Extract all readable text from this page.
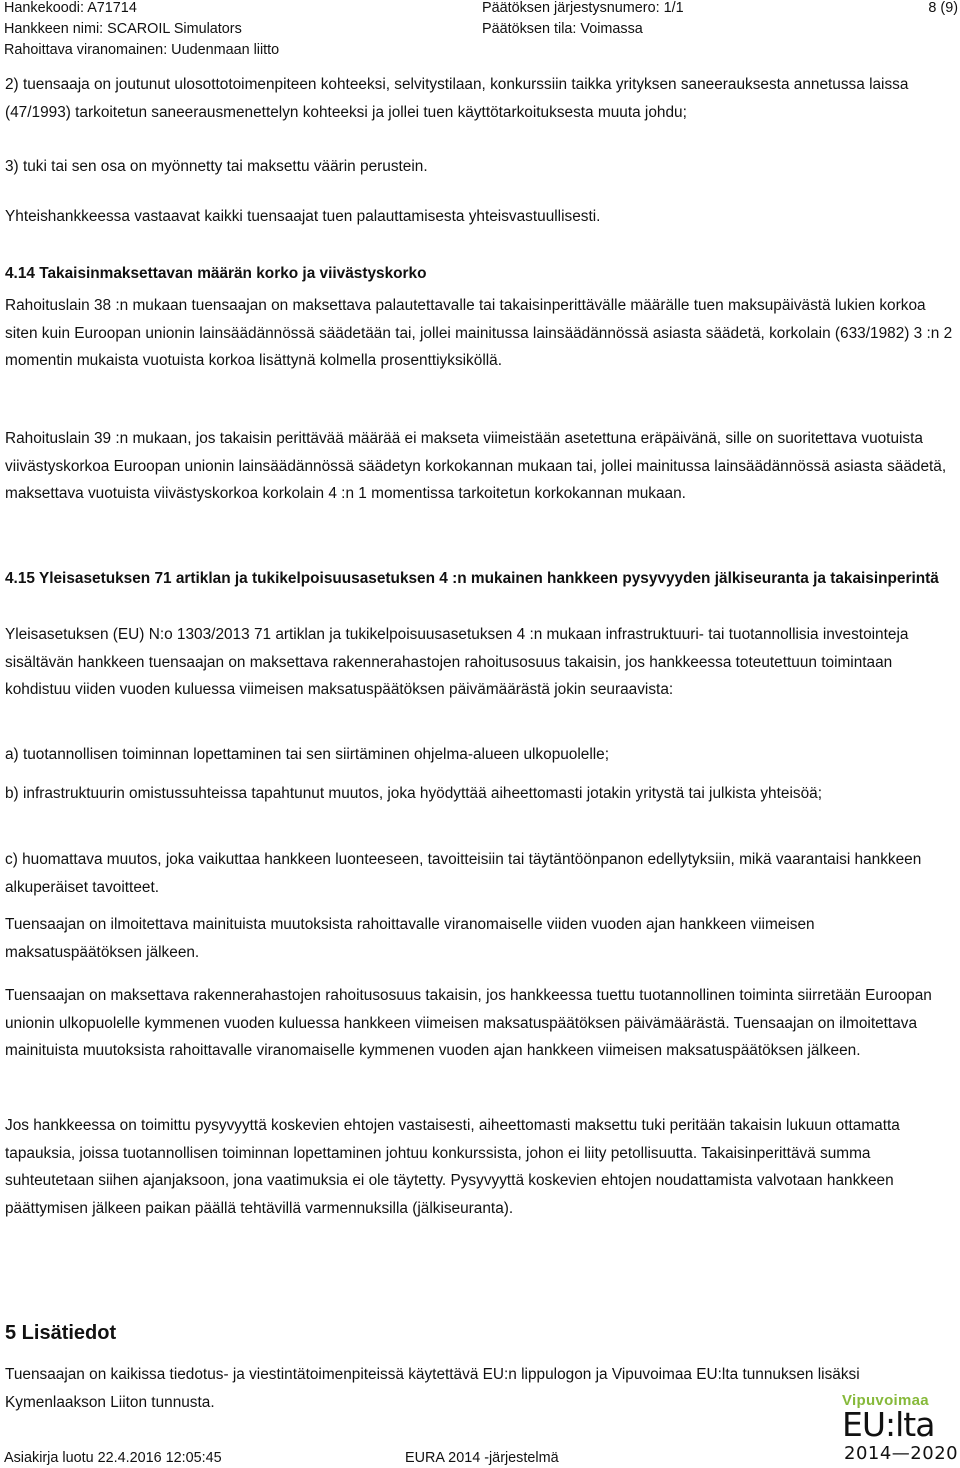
Hankekoodi: A71714
Hankkeen nimi: SCAROIL Simulators
Rahoittava viranomainen: Uudenmaan liitto
Päätöksen järjestysnumero: 1/1
Päätöksen tila: Voimassa
8 (9)
2) tuensaaja on joutunut ulosottotoimenpiteen kohteeksi, selvitystilaan, konkurssiin taikka yrityksen saneerauksesta annetussa laissa (47/1993) tarkoitetun saneerausmenettelyn kohteeksi ja jollei tuen käyttötarkoituksesta muuta johdu;
3) tuki tai sen osa on myönnetty tai maksettu väärin perustein.
Yhteishankkeessa vastaavat kaikki tuensaajat tuen palauttamisesta yhteisvastuullisesti.
4.14 Takaisinmaksettavan määrän korko ja viivästyskorko
Rahoituslain 38 :n mukaan tuensaajan on maksettava palautettavalle tai takaisinperittävälle määrälle tuen maksupäivästä lukien korkoa siten kuin Euroopan unionin lainsäädännössä säädetään tai, jollei mainitussa lainsäädännössä asiasta säädetä, korkolain (633/1982) 3 :n 2 momentin mukaista vuotuista korkoa lisättynä kolmella prosenttiyksiköllä.
Rahoituslain 39 :n mukaan, jos takaisin perittävää määrää ei makseta viimeistään asetettuna eräpäivänä, sille on suoritettava vuotuista viivästyskorkoa Euroopan unionin lainsäädännössä säädetyn korkokannan mukaan tai, jollei mainitussa lainsäädännössä asiasta säädetä, maksettava vuotuista viivästyskorkoa korkolain 4 :n 1 momentissa tarkoitetun korkokannan mukaan.
4.15 Yleisasetuksen 71 artiklan ja tukikelpoisuusasetuksen 4 :n mukainen hankkeen pysyvyyden jälkiseuranta ja takaisinperintä
Yleisasetuksen (EU) N:o 1303/2013 71 artiklan ja tukikelpoisuusasetuksen 4 :n mukaan infrastruktuuri- tai tuotannollisia investointeja sisältävän hankkeen tuensaajan on maksettava rakennerahastojen rahoitusosuus takaisin, jos hankkeessa toteutettuun toimintaan kohdistuu viiden vuoden kuluessa viimeisen maksatuspäätöksen päivämäärästä jokin seuraavista:
a) tuotannollisen toiminnan lopettaminen tai sen siirtäminen ohjelma-alueen ulkopuolelle;
b) infrastruktuurin omistussuhteissa tapahtunut muutos, joka hyödyttää aiheettomasti jotakin yritystä tai julkista yhteisöä;
c) huomattava muutos, joka vaikuttaa hankkeen luonteeseen, tavoitteisiin tai täytäntöönpanon edellytyksiin, mikä vaarantaisi hankkeen alkuperäiset tavoitteet.
Tuensaajan on ilmoitettava mainituista muutoksista rahoittavalle viranomaiselle viiden vuoden ajan hankkeen viimeisen maksatuspäätöksen jälkeen.
Tuensaajan on maksettava rakennerahastojen rahoitusosuus takaisin, jos hankkeessa tuettu tuotannollinen toiminta siirretään Euroopan unionin ulkopuolelle kymmenen vuoden kuluessa hankkeen viimeisen maksatuspäätöksen päivämäärästä. Tuensaajan on ilmoitettava mainituista muutoksista rahoittavalle viranomaiselle kymmenen vuoden ajan hankkeen viimeisen maksatuspäätöksen jälkeen.
Jos hankkeessa on toimittu pysyvyyttä koskevien ehtojen vastaisesti, aiheettomasti maksettu tuki peritään takaisin lukuun ottamatta tapauksia, joissa tuotannollisen toiminnan lopettaminen johtuu konkurssista, johon ei liity petollisuutta. Takaisinperittävä summa suhteutetaan siihen ajanjaksoon, jona vaatimuksia ei ole täytetty. Pysyvyyttä koskevien ehtojen noudattamista valvotaan hankkeen päättymisen jälkeen paikan päällä tehtävillä varmennuksilla (jälkiseuranta).
5 Lisätiedot
Tuensaajan on kaikissa tiedotus- ja viestintätoimenpiteissä käytettävä EU:n lippulogon ja Vipuvoimaa EU:lta tunnuksen lisäksi Kymenlaakson Liiton tunnusta.	Vipuvoimaa
EU:lta
2014—2020
Asiakirja luotu 22.4.2016 12:05:45	EURA 2014 -järjestelmä
